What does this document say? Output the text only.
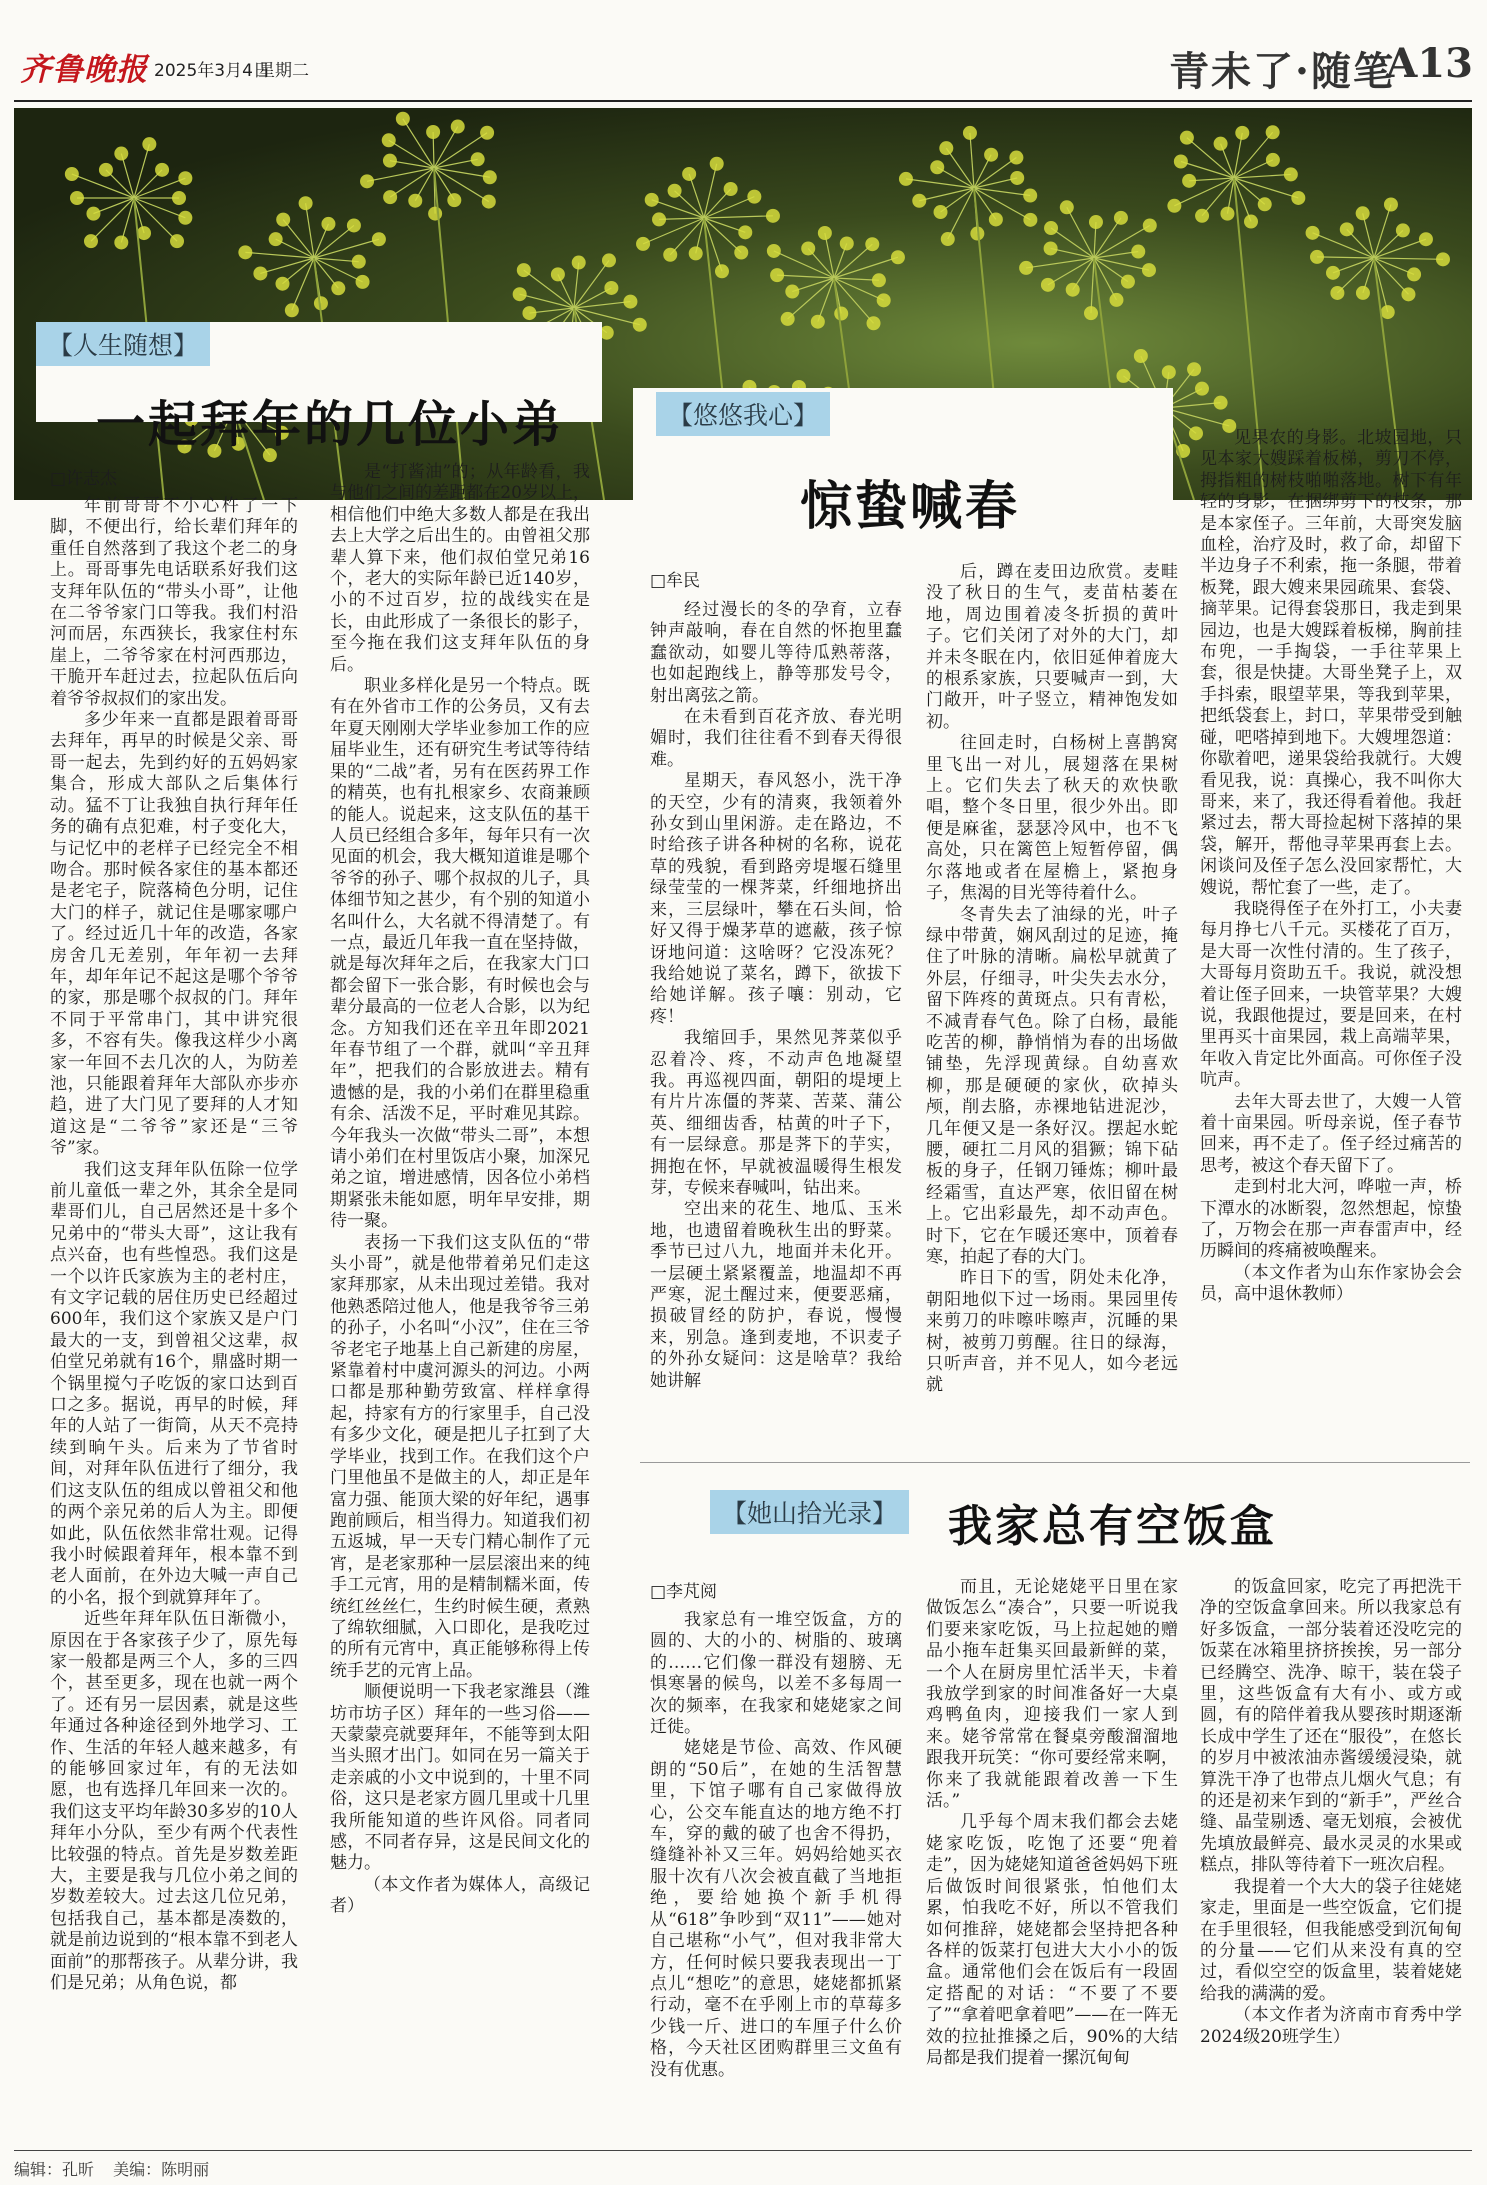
齐鲁晚报 2025年3月4日
星期二	青未了·随笔
A13
【人生随想】
一起拜年的几位小弟
□许志杰

年前哥哥不小心杵了一下脚，不便出行，给长辈们拜年的重任自然落到了我这个老二的身上。哥哥事先电话联系好我们这支拜年队伍的“带头小哥”，让他在二爷爷家门口等我。我们村沿河而居，东西狭长，我家住村东崖上，二爷爷家在村河西那边，干脆开车赶过去，拉起队伍后向着爷爷叔叔们的家出发。

多少年来一直都是跟着哥哥去拜年，再早的时候是父亲、哥哥一起去，先到约好的五妈妈家集合，形成大部队之后集体行动。猛不丁让我独自执行拜年任务的确有点犯难，村子变化大，与记忆中的老样子已经完全不相吻合。那时候各家住的基本都还是老宅子，院落椅色分明，记住大门的样子，就记住是哪家哪户了。经过近几十年的改造，各家房舍几无差别，年年初一去拜年，却年年记不起这是哪个爷爷的家，那是哪个叔叔的门。拜年不同于平常串门，其中讲究很多，不容有失。像我这样少小离家一年回不去几次的人，为防差池，只能跟着拜年大部队亦步亦趋，进了大门见了要拜的人才知道这是“二爷爷”家还是“三爷爷”家。

我们这支拜年队伍除一位学前儿童低一辈之外，其余全是同辈哥们儿，自己居然还是十多个兄弟中的“带头大哥”，这让我有点兴奋，也有些惶恐。我们这是一个以许氏家族为主的老村庄，有文字记载的居住历史已经超过600年，我们这个家族又是户门最大的一支，到曾祖父这辈，叔伯堂兄弟就有16个，鼎盛时期一个锅里搅勺子吃饭的家口达到百口之多。据说，再早的时候，拜年的人站了一街筒，从天不亮持续到晌午头。后来为了节省时间，对拜年队伍进行了细分，我们这支队伍的组成以曾祖父和他的两个亲兄弟的后人为主。即便如此，队伍依然非常壮观。记得我小时候跟着拜年，根本靠不到老人面前，在外边大喊一声自己的小名，报个到就算拜年了。

近些年拜年队伍日渐微小，原因在于各家孩子少了，原先每家一般都是两三个人，多的三四个，甚至更多，现在也就一两个了。还有另一层因素，就是这些年通过各种途径到外地学习、工作、生活的年轻人越来越多，有的能够回家过年，有的无法如愿，也有选择几年回来一次的。我们这支平均年龄30多岁的10人拜年小分队，至少有两个代表性比较强的特点。首先是岁数差距大，主要是我与几位小弟之间的岁数差较大。过去这几位兄弟，包括我自己，基本都是凑数的，就是前边说到的“根本靠不到老人面前”的那帮孩子。从辈分讲，我们是兄弟；从角色说，都

是“打酱油”的；从年龄看，我与他们之间的差距都在20岁以上，相信他们中绝大多数人都是在我出去上大学之后出生的。由曾祖父那辈人算下来，他们叔伯堂兄弟16个，老大的实际年龄已近140岁，小的不过百岁，拉的战线实在是长，由此形成了一条很长的影子，至今拖在我们这支拜年队伍的身后。

职业多样化是另一个特点。既有在外省市工作的公务员，又有去年夏天刚刚大学毕业参加工作的应届毕业生，还有研究生考试等待结果的“二战”者，另有在医药界工作的精英，也有扎根家乡、农商兼顾的能人。说起来，这支队伍的基干人员已经组合多年，每年只有一次见面的机会，我大概知道谁是哪个爷爷的孙子、哪个叔叔的儿子，具体细节知之甚少，有个别的知道小名叫什么，大名就不得清楚了。有一点，最近几年我一直在坚持做，就是每次拜年之后，在我家大门口都会留下一张合影，有时候也会与辈分最高的一位老人合影，以为纪念。方知我们还在辛丑年即2021年春节组了一个群，就叫“辛丑拜年”，把我们的合影放进去。精有遗憾的是，我的小弟们在群里稳重有余、活泼不足，平时难见其踪。今年我头一次做“带头二哥”，本想请小弟们在村里饭店小聚，加深兄弟之谊，增进感情，因各位小弟档期紧张未能如愿，明年早安排，期待一聚。

表扬一下我们这支队伍的“带头小哥”，就是他带着弟兄们走这家拜那家，从未出现过差错。我对他熟悉陪过他人，他是我爷爷三弟的孙子，小名叫“小汉”，住在三爷爷老宅子地基上自己新建的房屋，紧靠着村中虞河源头的河边。小两口都是那种勤劳致富、样样拿得起，持家有方的行家里手，自己没有多少文化，硬是把儿子扛到了大学毕业，找到工作。在我们这个户门里他虽不是做主的人，却正是年富力强、能顶大梁的好年纪，遇事跑前顾后，相当得力。知道我们初五返城，早一天专门精心制作了元宵，是老家那种一层层滚出来的纯手工元宵，用的是精制糯米面，传统红丝丝仁，生约时候生硬，煮熟了绵软细腻，入口即化，是我吃过的所有元宵中，真正能够称得上传统手艺的元宵上品。

顺便说明一下我老家潍县（潍坊市坊子区）拜年的一些习俗——天蒙蒙亮就要拜年，不能等到太阳当头照才出门。如同在另一篇关于走亲戚的小文中说到的，十里不同俗，这只是老家方圆几里或十几里我所能知道的些许风俗。同者同感，不同者存异，这是民间文化的魅力。

（本文作者为媒体人，高级记者）

【悠悠我心】
惊蛰喊春
□牟民

经过漫长的冬的孕育，立春钟声敲响，春在自然的怀抱里蠢蠢欲动，如婴儿等待瓜熟蒂落，也如起跑线上，静等那发号令，射出离弦之箭。

在未看到百花齐放、春光明媚时，我们往往看不到春天得很难。

星期天，春风怒小，洗干净的天空，少有的清爽，我领着外孙女到山里闲游。走在路边，不时给孩子讲各种树的名称，说花草的残貌，看到路旁堤堰石缝里绿莹莹的一棵荠菜，纤细地挤出来，三层绿叶，攀在石头间，恰好又得于燥茅草的遮蔽，孩子惊讶地问道：这啥呀？它没冻死？我给她说了菜名，蹲下，欲拔下给她详解。孩子嚷：别动，它疼！

我缩回手，果然见荠菜似乎忍着冷、疼，不动声色地凝望我。再巡视四面，朝阳的堤埂上有片片冻僵的荠菜、苦菜、蒲公英、细细齿香，枯黄的叶子下，有一层绿意。那是荠下的芋实，拥抱在怀，早就被温暖得生根发芽，专候来春喊叫，钻出来。

空出来的花生、地瓜、玉米地，也遗留着晚秋生出的野菜。季节已过八九，地面并未化开。一层硬土紧紧覆盖，地温却不再严寒，泥土醒过来，便要恶痛，损破冒经的防护，春说，慢慢来，别急。逢到麦地，不识麦子的外孙女疑问：这是啥草？我给她讲解

后，蹲在麦田边欣赏。麦畦没了秋日的生气，麦苗枯萎在地，周边围着凌冬折损的黄叶子。它们关闭了对外的大门，却并未冬眠在内，依旧延伸着庞大的根系家族，只要喊声一到，大门敞开，叶子竖立，精神饱发如初。

往回走时，白杨树上喜鹊窝里飞出一对儿，展翅落在果树上。它们失去了秋天的欢快歌唱，整个冬日里，很少外出。即便是麻雀，瑟瑟冷风中，也不飞高处，只在篱笆上短暂停留，偶尔落地或者在屋檐上，紧抱身子，焦渴的目光等待着什么。

冬青失去了油绿的光，叶子绿中带黄，娴风刮过的足迹，掩住了叶脉的清晰。扁松早就黄了外层，仔细寻，叶尖失去水分，留下阵疼的黄斑点。只有青松，不减青春气色。除了白杨，最能吃苦的柳，静悄悄为春的出场做铺垫，先浮现黄绿。自幼喜欢柳，那是硬硬的家伙，砍掉头颅，削去胳，赤裸地钻进泥沙，几年便又是一条好汉。摆起水蛇腰，硬扛二月风的猖獗；锦下砧板的身子，任钢刀锤炼；柳叶最经霜雪，直达严寒，依旧留在树上。它出彩最先，却不动声色。时下，它在乍暖还寒中，顶着春寒，拍起了春的大门。

昨日下的雪，阴处未化净，朝阳地似下过一场雨。果园里传来剪刀的咔嚓咔嚓声，沉睡的果树，被剪刀剪醒。往日的绿海，只听声音，并不见人，如今老远就

见果农的身影。北坡园地，只见本家大嫂踩着板梯，剪刀不停，拇指粗的树枝啪啪落地。树下有年轻的身影，在捆绑剪下的枝条，那是本家侄子。三年前，大哥突发脑血栓，治疗及时，救了命，却留下半边身子不利索，拖一条腿，带着板凳，跟大嫂来果园疏果、套袋、摘苹果。记得套袋那日，我走到果园边，也是大嫂踩着板梯，胸前挂布兜，一手掏袋，一手往苹果上套，很是快捷。大哥坐凳子上，双手抖索，眼望苹果，等我到苹果，把纸袋套上，封口，苹果带受到触碰，吧嗒掉到地下。大嫂埋怨道：你歇着吧，递果袋给我就行。大嫂看见我，说：真操心，我不叫你大哥来，来了，我还得看着他。我赶紧过去，帮大哥捡起树下落掉的果袋，解开，帮他寻苹果再套上去。闲谈问及侄子怎么没回家帮忙，大嫂说，帮忙套了一些，走了。

我晓得侄子在外打工，小夫妻每月挣七八千元。买楼花了百万，是大哥一次性付清的。生了孩子，大哥每月资助五千。我说，就没想着让侄子回来，一块管苹果？大嫂说，我跟他提过，要是回来，在村里再买十亩果园，栽上高端苹果，年收入肯定比外面高。可你侄子没吭声。

去年大哥去世了，大嫂一人管着十亩果园。听母亲说，侄子春节回来，再不走了。侄子经过痛苦的思考，被这个春天留下了。

走到村北大河，哗啦一声，桥下潭水的冰断裂，忽然想起，惊蛰了，万物会在那一声春雷声中，经历瞬间的疼痛被唤醒来。

（本文作者为山东作家协会会员，高中退休教师）

【她山拾光录】 我家总有空饭盒
□李芃阅

我家总有一堆空饭盒，方的圆的、大的小的、树脂的、玻璃的……它们像一群没有翅膀、无惧寒暑的候鸟，以差不多每周一次的频率，在我家和姥姥家之间迁徙。

姥姥是节俭、高效、作风硬朗的“50后”，在她的生活智慧里，下馆子哪有自己家做得放心，公交车能直达的地方绝不打车，穿的戴的破了也舍不得扔，缝缝补补又三年。妈妈给她买衣服十次有八次会被直截了当地拒绝，要给她换个新手机得从“618”争吵到“双11”——她对自己堪称“小气”，但对我非常大方，任何时候只要我表现出一丁点儿“想吃”的意思，姥姥都抓紧行动，毫不在乎刚上市的草莓多少钱一斤、进口的车厘子什么价格，今天社区团购群里三文鱼有没有优惠。

而且，无论姥姥平日里在家做饭怎么“凑合”，只要一听说我们要来家吃饭，马上拉起她的赠品小拖车赶集买回最新鲜的菜，一个人在厨房里忙活半天，卡着我放学到家的时间准备好一大桌鸡鸭鱼肉，迎接我们一家人到来。姥爷常常在餐桌旁酸溜溜地跟我开玩笑：“你可要经常来啊，你来了我就能跟着改善一下生活。”

几乎每个周末我们都会去姥姥家吃饭，吃饱了还要“兜着走”，因为姥姥知道爸爸妈妈下班后做饭时间很紧张，怕他们太累，怕我吃不好，所以不管我们如何推辞，姥姥都会坚持把各种各样的饭菜打包进大大小小的饭盒。通常他们会在饭后有一段固定搭配的对话：“不要了不要了”“拿着吧拿着吧”——在一阵无效的拉扯推搡之后，90%的大结局都是我们提着一摞沉甸甸

的饭盒回家，吃完了再把洗干净的空饭盒拿回来。所以我家总有好多饭盒，一部分装着还没吃完的饭菜在冰箱里挤挤挨挨，另一部分已经腾空、洗净、晾干，装在袋子里，这些饭盒有大有小、或方或圆，有的陪伴着我从婴孩时期逐渐长成中学生了还在“服役”，在悠长的岁月中被浓油赤酱缓缓浸染，就算洗干净了也带点儿烟火气息；有的还是初来乍到的“新手”，严丝合缝、晶莹剔透、毫无划痕，会被优先填放最鲜亮、最水灵灵的水果或糕点，排队等待着下一班次启程。

我提着一个大大的袋子往姥姥家走，里面是一些空饭盒，它们提在手里很轻，但我能感受到沉甸甸的分量——它们从来没有真的空过，看似空空的饭盒里，装着姥姥给我的满满的爱。

（本文作者为济南市育秀中学2024级20班学生）

编辑：孔昕 美编：陈明丽
